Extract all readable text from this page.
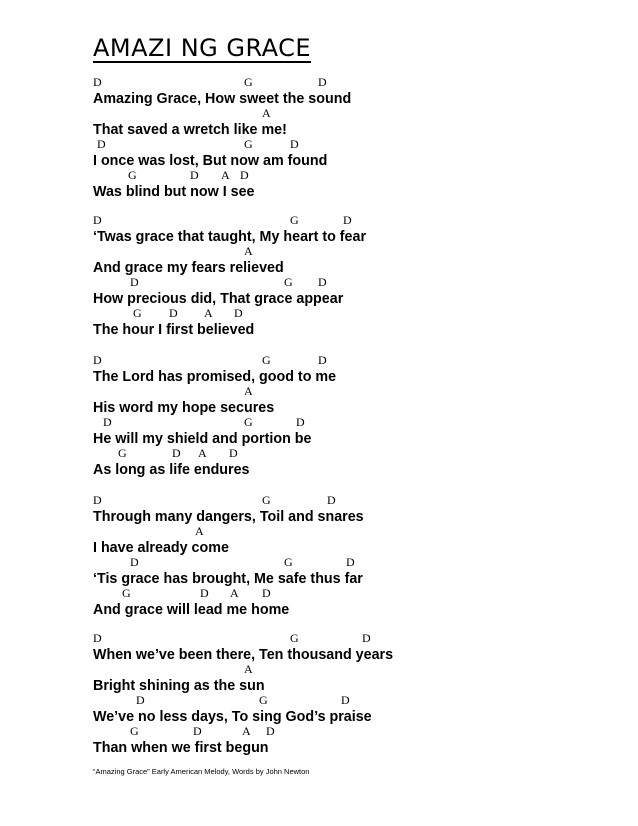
AMAZI NG GRACE
D	G	D
Amazing Grace, How sweet the sound
A
That saved a wretch like me!
D	G	D
I once was lost, But now am found
G	D A D
Was blind but now I see
D	G	D
‘Twas grace that taught, My heart to fear
A
And grace my fears relieved
D	G D
How precious did, That grace appear
G D A D
The hour I first believed
D	G	D
The Lord has promised, good to me
A
His word my hope secures
D	G	D
He will my shield and portion be
G	D A D
As long as life endures
D	G	D
Through many dangers, Toil and snares
A
I have already come
D	G	D
‘Tis grace has brought, Me safe thus far
G	D A D
And grace will lead me home
D	G	D
When we’ve been there, Ten thousand years
A
Bright shining as the sun
D	G	D
We’ve no less days, To sing God’s praise
G	D	A D
Than when we first begun
“Amazing Grace” Early American Melody, Words by John Newton
